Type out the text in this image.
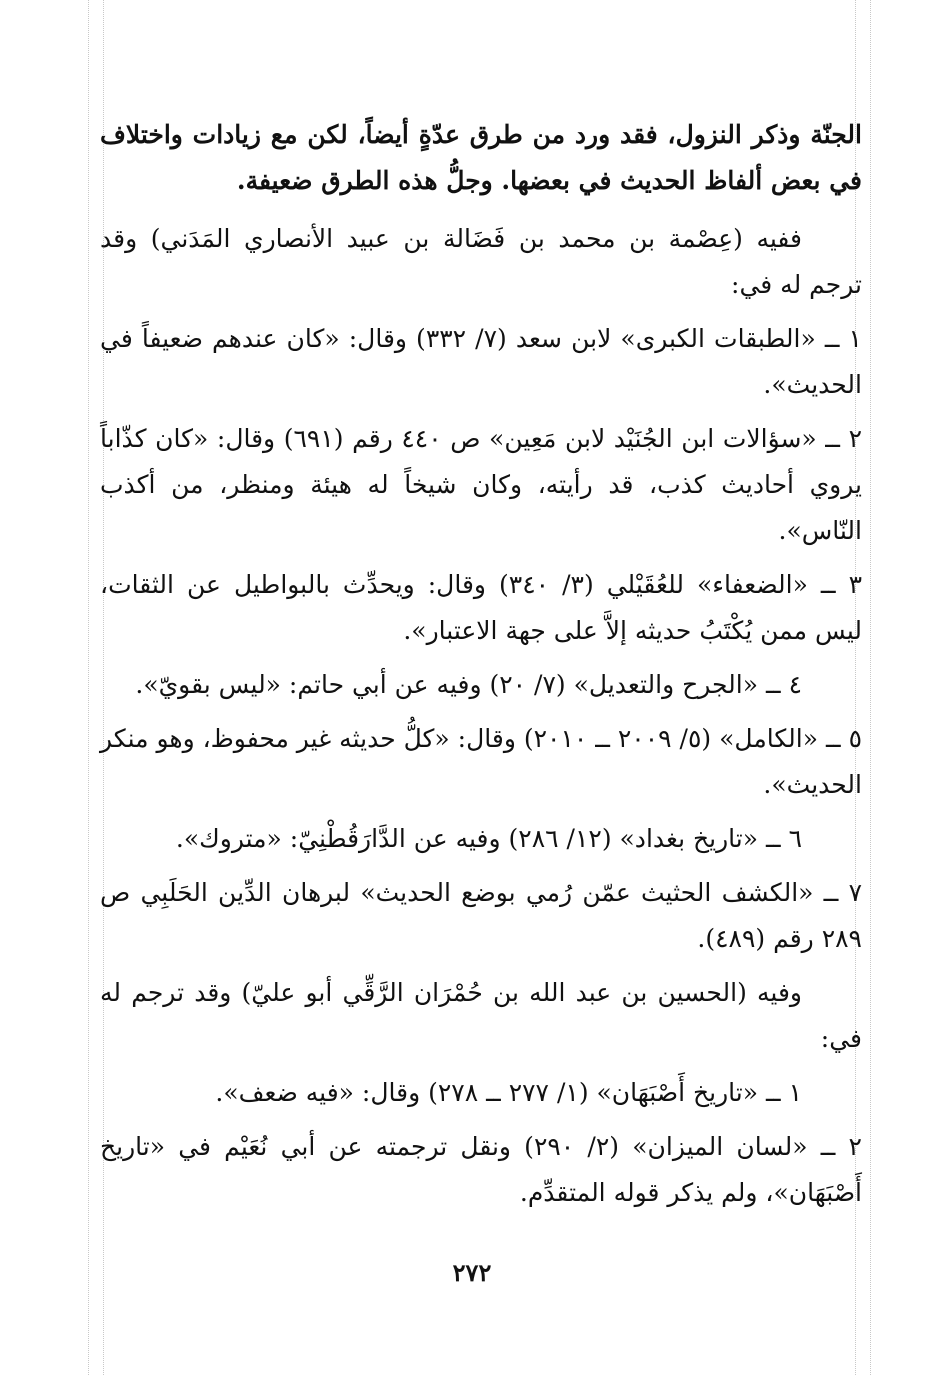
الجنّة وذكر النزول، فقد ورد من طرق عدّةٍ أيضاً، لكن مع زيادات واختلاف في بعض ألفاظ الحديث في بعضها. وجلُّ هذه الطرق ضعيفة.

ففيه (عِصْمة بن محمد بن فَضَالة بن عبيد الأنصاري المَدَني) وقد ترجم له في:

١ ــ «الطبقات الكبرى» لابن سعد (٧/ ٣٣٢) وقال: «كان عندهم ضعيفاً في الحديث».

٢ ــ «سؤالات ابن الجُنَيْد لابن مَعِين» ص ٤٤٠ رقم (٦٩١) وقال: «كان كذّاباً يروي أحاديث كذب، قد رأيته، وكان شيخاً له هيئة ومنظر، من أكذب النّاس».

٣ ــ «الضعفاء» للعُقَيْلي (٣/ ٣٤٠) وقال: ويحدِّث بالبواطيل عن الثقات، ليس ممن يُكْتَبُ حديثه إلاَّ على جهة الاعتبار».

٤ ــ «الجرح والتعديل» (٧/ ٢٠) وفيه عن أبي حاتم: «ليس بقويّ».

٥ ــ «الكامل» (٥/ ٢٠٠٩ ــ ٢٠١٠) وقال: «كلُّ حديثه غير محفوظ، وهو منكر الحديث».

٦ ــ «تاريخ بغداد» (١٢/ ٢٨٦) وفيه عن الدَّارَقُطْنِيّ: «متروك».

٧ ــ «الكشف الحثيث عمّن رُمي بوضع الحديث» لبرهان الدِّين الحَلَبِي ص ٢٨٩ رقم (٤٨٩).

وفيه (الحسين بن عبد الله بن حُمْرَان الرَّقِّي أبو عليّ) وقد ترجم له في:

١ ــ «تاريخ أَصْبَهَان» (١/ ٢٧٧ ــ ٢٧٨) وقال: «فيه ضعف».

٢ ــ «لسان الميزان» (٢/ ٢٩٠) ونقل ترجمته عن أبي نُعَيْم في «تاريخ أَصْبَهَان»، ولم يذكر قوله المتقدِّم.

٢٧٢
